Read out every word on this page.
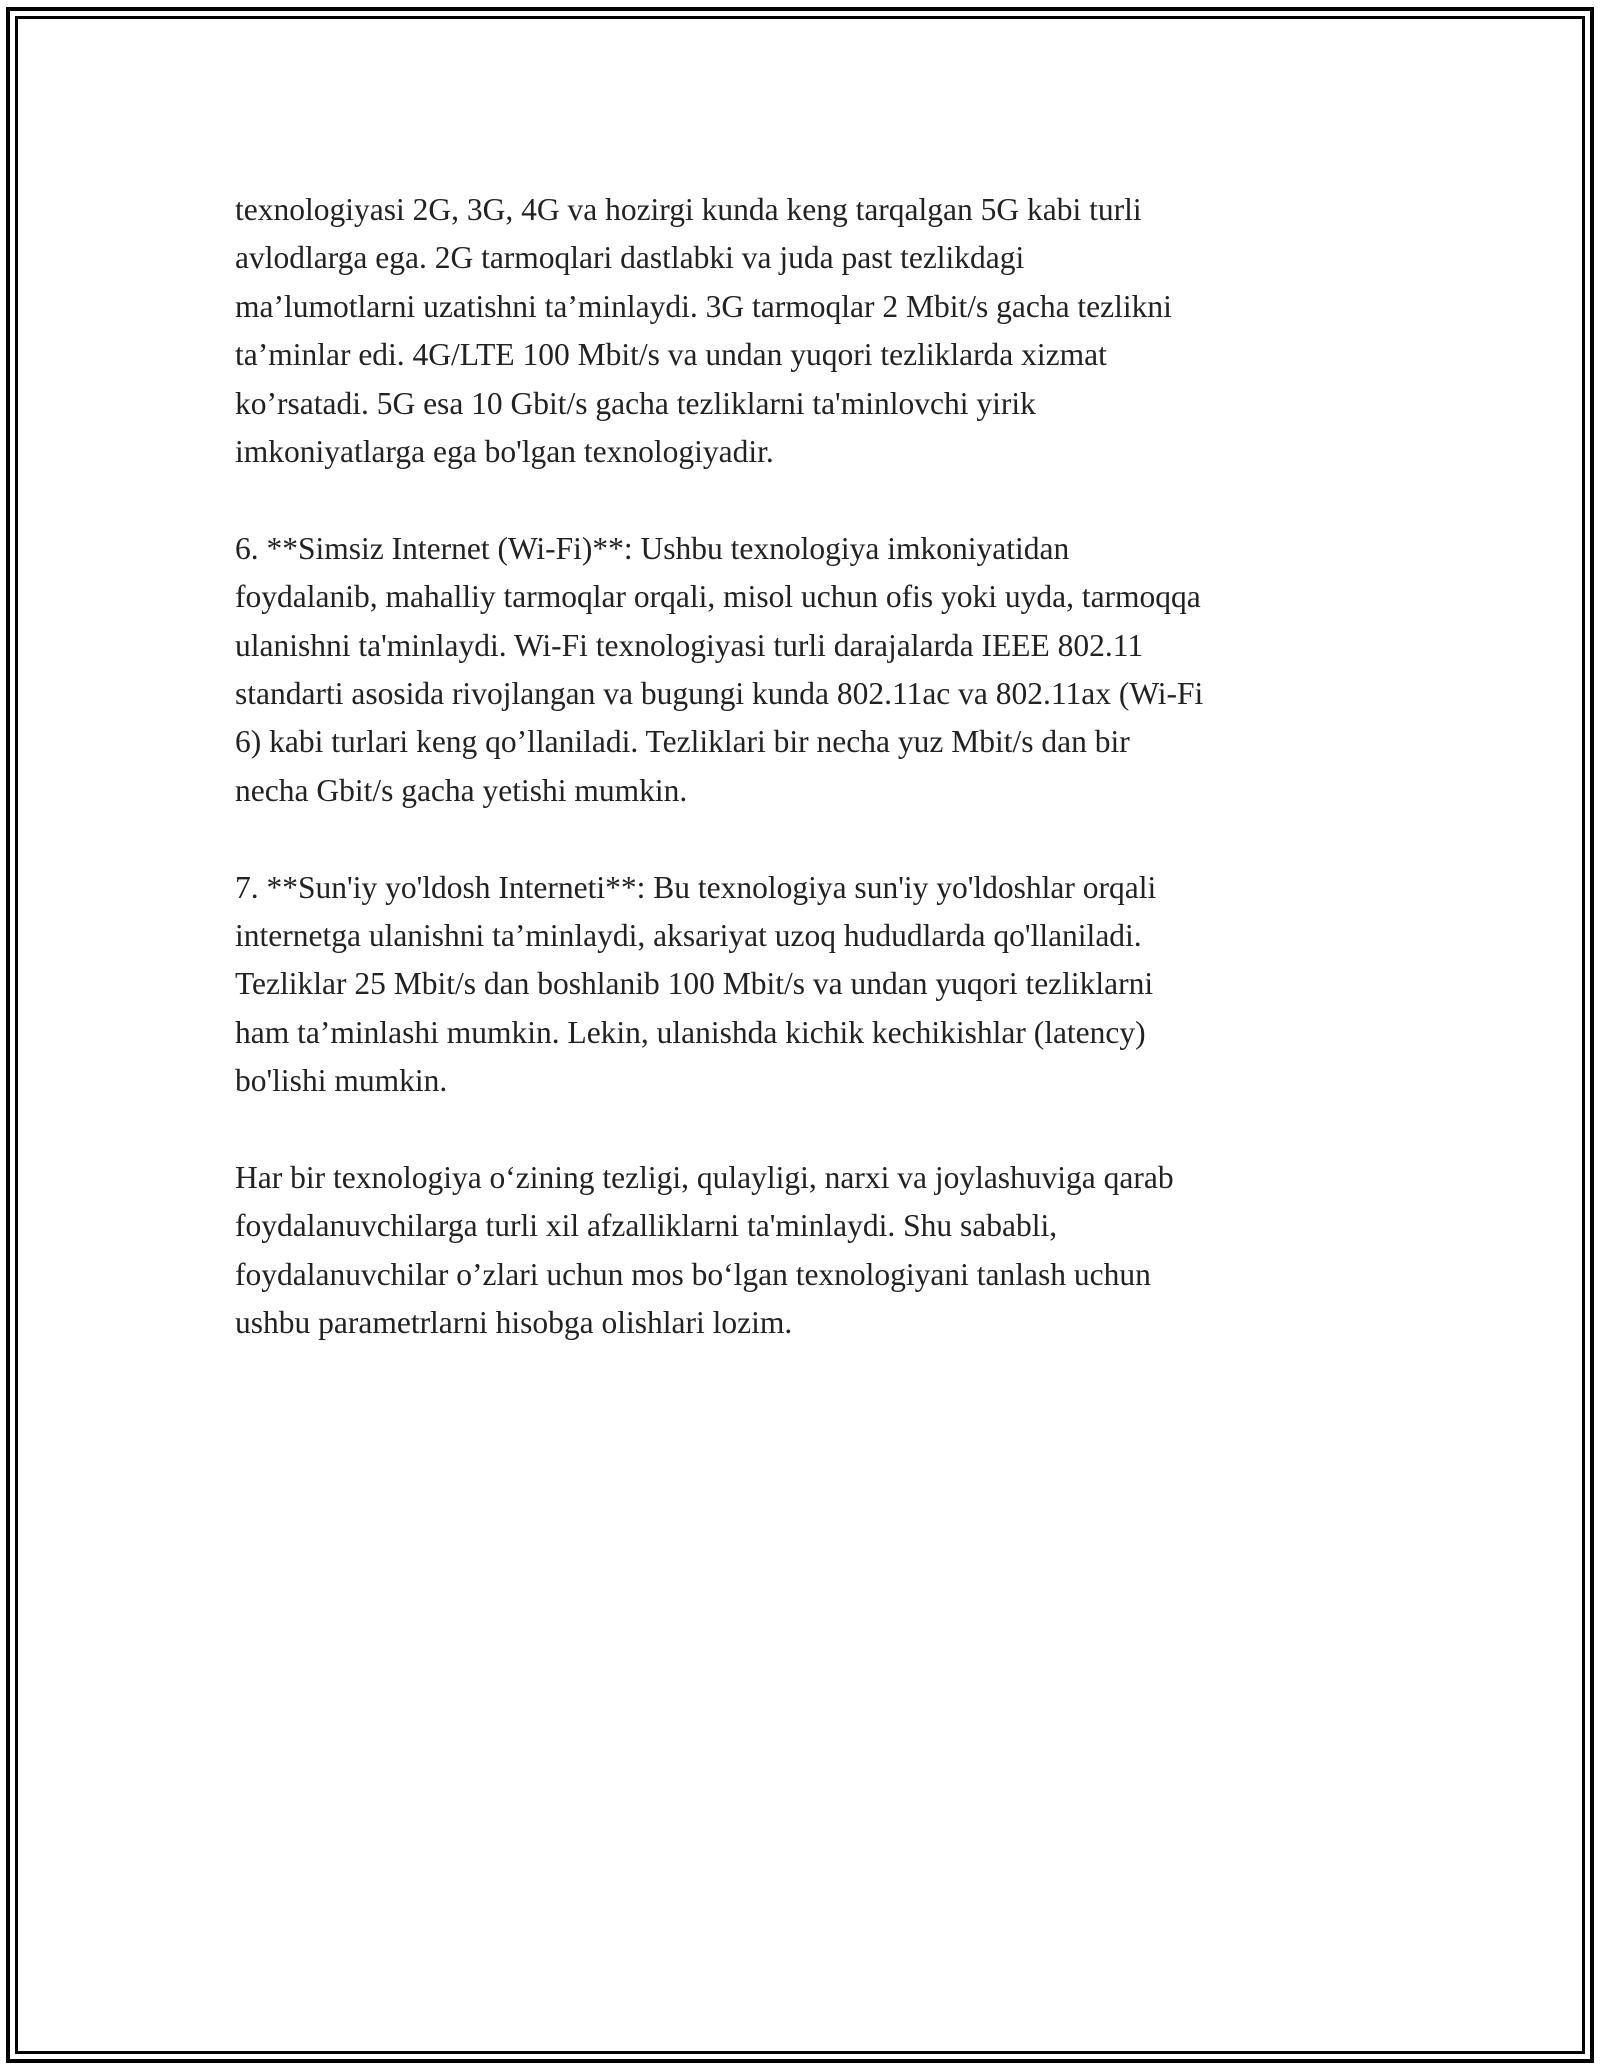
texnologiyasi 2G, 3G, 4G va hozirgi kunda keng tarqalgan 5G kabi turli
avlodlarga ega. 2G tarmoqlari dastlabki va juda past tezlikdagi
ma’lumotlarni uzatishni ta’minlaydi. 3G tarmoqlar 2 Mbit/s gacha tezlikni
ta’minlar edi. 4G/LTE 100 Mbit/s va undan yuqori tezliklarda xizmat
ko’rsatadi. 5G esa 10 Gbit/s gacha tezliklarni ta'minlovchi yirik
imkoniyatlarga ega bo'lgan texnologiyadir.

6. **Simsiz Internet (Wi-Fi)**: Ushbu texnologiya imkoniyatidan
foydalanib, mahalliy tarmoqlar orqali, misol uchun ofis yoki uyda, tarmoqqa
ulanishni ta'minlaydi. Wi-Fi texnologiyasi turli darajalarda IEEE 802.11
standarti asosida rivojlangan va bugungi kunda 802.11ac va 802.11ax (Wi-Fi
6) kabi turlari keng qo’llaniladi. Tezliklari bir necha yuz Mbit/s dan bir
necha Gbit/s gacha yetishi mumkin.

7. **Sun'iy yo'ldosh Interneti**: Bu texnologiya sun'iy yo'ldoshlar orqali
internetga ulanishni ta’minlaydi, aksariyat uzoq hududlarda qo'llaniladi.
Tezliklar 25 Mbit/s dan boshlanib 100 Mbit/s va undan yuqori tezliklarni
ham ta’minlashi mumkin. Lekin, ulanishda kichik kechikishlar (latency)
bo'lishi mumkin.

Har bir texnologiya o‘zining tezligi, qulayligi, narxi va joylashuviga qarab
foydalanuvchilarga turli xil afzalliklarni ta'minlaydi. Shu sababli,
foydalanuvchilar o’zlari uchun mos bo‘lgan texnologiyani tanlash uchun
ushbu parametrlarni hisobga olishlari lozim.
